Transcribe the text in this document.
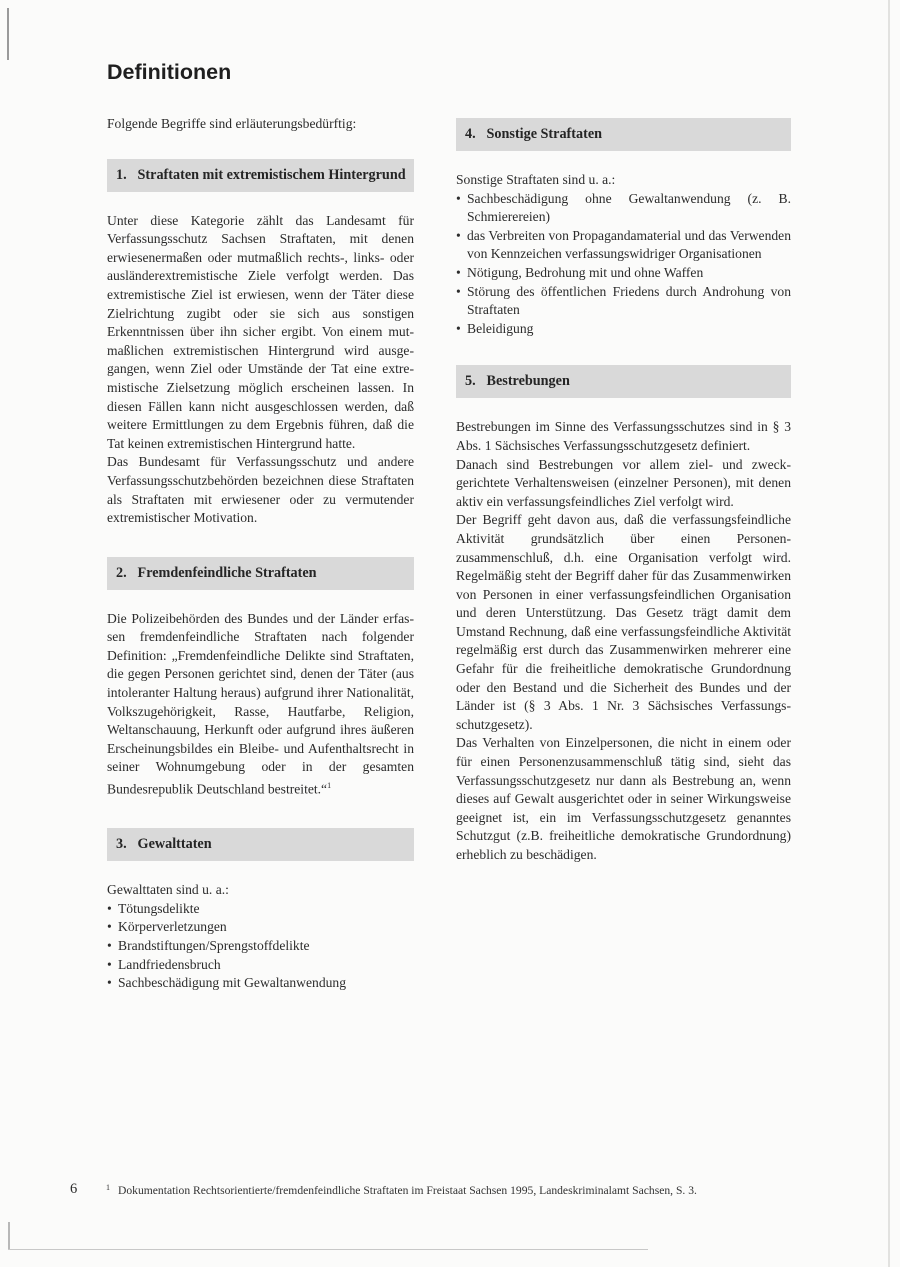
Definitionen

Folgende Begriffe sind erläuterungsbedürftig:

1. Straftaten mit extremistischem Hintergrund

Unter diese Kategorie zählt das Landesamt für Verfassungsschutz Sachsen Straftaten, mit denen erwiesenermaßen oder mutmaßlich rechts-, links- oder ausländerextremistische Ziele verfolgt werden. Das extremistische Ziel ist erwiesen, wenn der Täter diese Zielrichtung zugibt oder sie sich aus sonstigen Erkenntnissen über ihn sicher ergibt. Von einem mutmaßlichen extremistischen Hintergrund wird ausgegangen, wenn Ziel oder Umstände der Tat eine extremistische Zielsetzung möglich erscheinen lassen. In diesen Fällen kann nicht ausgeschlossen werden, daß weitere Ermittlungen zu dem Ergebnis führen, daß die Tat keinen extremistischen Hintergrund hatte.

Das Bundesamt für Verfassungsschutz und andere Verfassungsschutzbehörden bezeichnen diese Straftaten als Straftaten mit erwiesener oder zu vermutender extremistischer Motivation.

2. Fremdenfeindliche Straftaten

Die Polizeibehörden des Bundes und der Länder erfassen fremdenfeindliche Straftaten nach folgender Definition: „Fremdenfeindliche Delikte sind Straftaten, die gegen Personen gerichtet sind, denen der Täter (aus intoleranter Haltung heraus) aufgrund ihrer Nationalität, Volkszugehörigkeit, Rasse, Hautfarbe, Religion, Weltanschauung, Herkunft oder aufgrund ihres äußeren Erscheinungsbildes ein Bleibe- und Aufenthaltsrecht in seiner Wohnumgebung oder in der gesamten Bundesrepublik Deutschland bestreitet.“$^1$

3. Gewalttaten

Gewalttaten sind u. a.:

• Tötungsdelikte
• Körperverletzungen
• Brandstiftungen/Sprengstoffdelikte
• Landfriedensbruch
• Sachbeschädigung mit Gewaltanwendung
4. Sonstige Straftaten

Sonstige Straftaten sind u. a.:

• Sachbeschädigung ohne Gewaltanwendung (z. B. Schmierereien)
• das Verbreiten von Propagandamaterial und das Verwenden von Kennzeichen verfassungswidriger Organisationen
• Nötigung, Bedrohung mit und ohne Waffen
• Störung des öffentlichen Friedens durch Androhung von Straftaten
• Beleidigung
5. Bestrebungen

Bestrebungen im Sinne des Verfassungsschutzes sind in § 3 Abs. 1 Sächsisches Verfassungsschutzgesetz definiert.

Danach sind Bestrebungen vor allem ziel- und zweckgerichtete Verhaltensweisen (einzelner Personen), mit denen aktiv ein verfassungsfeindliches Ziel verfolgt wird.

Der Begriff geht davon aus, daß die verfassungsfeindliche Aktivität grundsätzlich über einen Personenzusammenschluß, d.h. eine Organisation verfolgt wird. Regelmäßig steht der Begriff daher für das Zusammenwirken von Personen in einer verfassungsfeindlichen Organisation und deren Unterstützung. Das Gesetz trägt damit dem Umstand Rechnung, daß eine verfassungsfeindliche Aktivität regelmäßig erst durch das Zusammenwirken mehrerer eine Gefahr für die freiheitliche demokratische Grundordnung oder den Bestand und die Sicherheit des Bundes und der Länder ist (§ 3 Abs. 1 Nr. 3 Sächsisches Verfassungsschutzgesetz).

Das Verhalten von Einzelpersonen, die nicht in einem oder für einen Personenzusammenschluß tätig sind, sieht das Verfassungsschutzgesetz nur dann als Bestrebung an, wenn dieses auf Gewalt ausgerichtet oder in seiner Wirkungsweise geeignet ist, ein im Verfassungsschutzgesetz genanntes Schutzgut (z.B. freiheitliche demokratische Grundordnung) erheblich zu beschädigen.

6	$^1$ Dokumentation Rechtsorientierte/fremdenfeindliche Straftaten im Freistaat Sachsen 1995, Landeskriminalamt Sachsen, S. 3.
